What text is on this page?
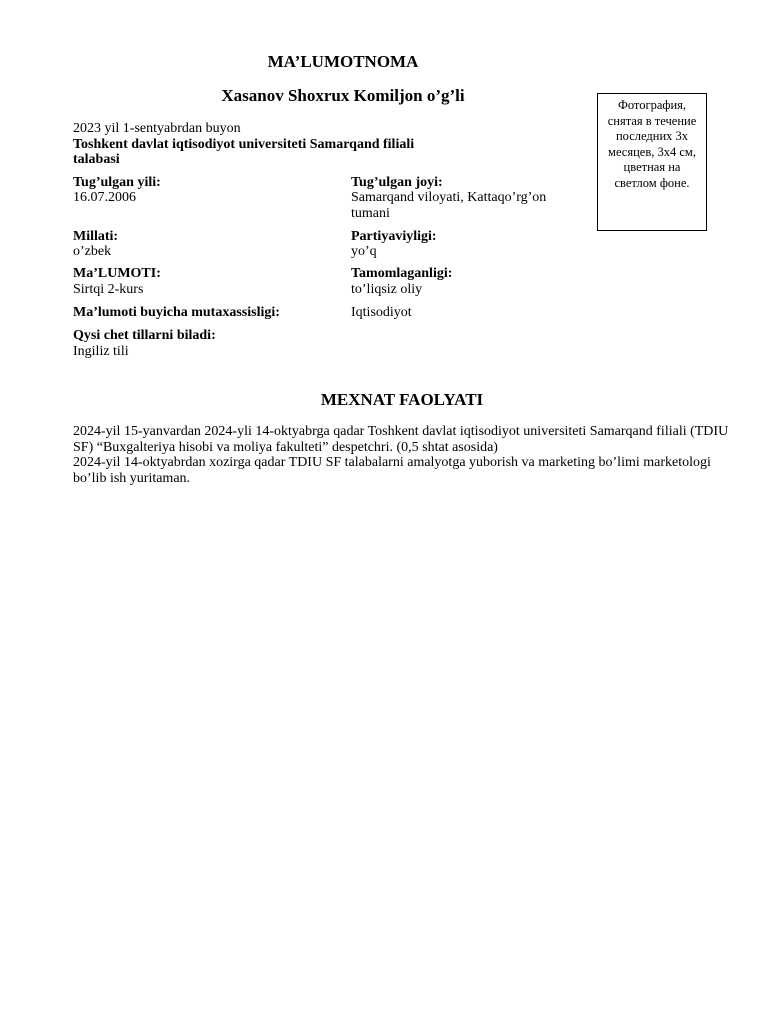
MA’LUMOTNOMA
Xasanov Shoxrux Komiljon o’g’li	Фотография, снятая в течение последних 3х месяцев, 3х4 см, цветная на светлом фоне.
2023 yil 1-sentyabrdan buyon
Toshkent davlat iqtisodiyot universiteti Samarqand filiali
talabasi
Tug’ulgan yili:
16.07.2006
Tug’ulgan joyi:
Samarqand viloyati, Kattaqo’rg’on
tumani
Millati:
o’zbek
Partiyaviyligi:
yo’q
Ma’LUMOTI:
Sirtqi 2-kurs
Tamomlaganligi:
to’liqsiz oliy
Ma’lumoti buyicha mutaxassisligi:	Iqtisodiyot
Qysi chet tillarni biladi:
Ingiliz tili
MEXNAT FAOLYATI

2024-yil 15-yanvardan 2024-yli 14-oktyabrga qadar Toshkent davlat iqtisodiyot universiteti Samarqand filiali (TDIU SF) “Buxgalteriya hisobi va moliya fakulteti” despetchri. (0,5 shtat asosida)

2024-yil 14-oktyabrdan xozirga qadar TDIU SF talabalarni amalyotga yuborish va marketing bo’limi marketologi bo’lib ish yuritaman.
